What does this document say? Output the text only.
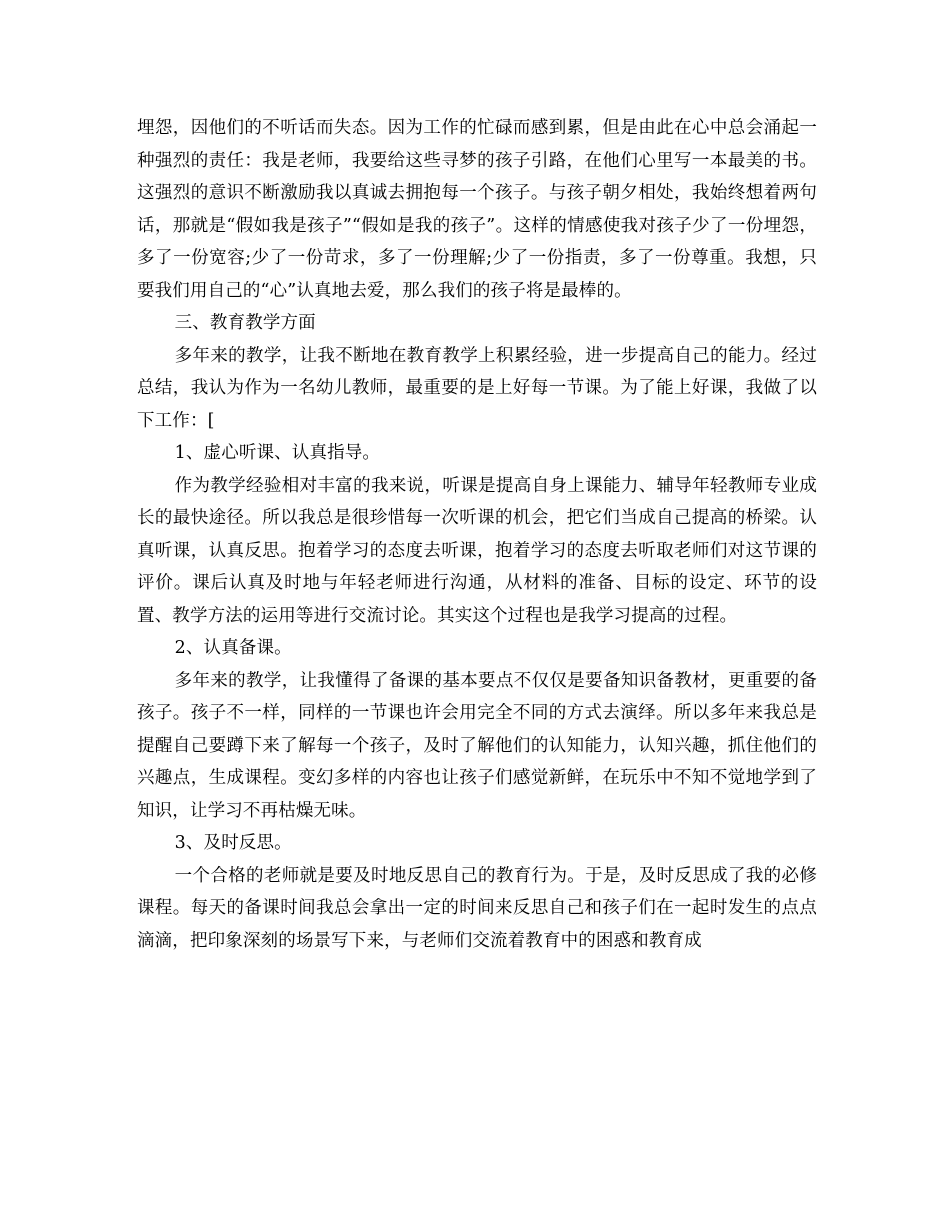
埋怨，因他们的不听话而失态。因为工作的忙碌而感到累，但是由此在心中总会涌起一种强烈的责任：我是老师，我要给这些寻梦的孩子引路，在他们心里写一本最美的书。这强烈的意识不断激励我以真诚去拥抱每一个孩子。与孩子朝夕相处，我始终想着两句话，那就是“假如我是孩子”“假如是我的孩子”。这样的情感使我对孩子少了一份埋怨，多了一份宽容;少了一份苛求，多了一份理解;少了一份指责，多了一份尊重。我想，只要我们用自己的“心”认真地去爱，那么我们的孩子将是最棒的。

三、教育教学方面

多年来的教学，让我不断地在教育教学上积累经验，进一步提高自己的能力。经过总结，我认为作为一名幼儿教师，最重要的是上好每一节课。为了能上好课，我做了以下工作：[

1、虚心听课、认真指导。

作为教学经验相对丰富的我来说，听课是提高自身上课能力、辅导年轻教师专业成长的最快途径。所以我总是很珍惜每一次听课的机会，把它们当成自己提高的桥梁。认真听课，认真反思。抱着学习的态度去听课，抱着学习的态度去听取老师们对这节课的评价。课后认真及时地与年轻老师进行沟通，从材料的准备、目标的设定、环节的设置、教学方法的运用等进行交流讨论。其实这个过程也是我学习提高的过程。

2、认真备课。

多年来的教学，让我懂得了备课的基本要点不仅仅是要备知识备教材，更重要的备孩子。孩子不一样，同样的一节课也许会用完全不同的方式去演绎。所以多年来我总是提醒自己要蹲下来了解每一个孩子，及时了解他们的认知能力，认知兴趣，抓住他们的兴趣点，生成课程。变幻多样的内容也让孩子们感觉新鲜，在玩乐中不知不觉地学到了知识，让学习不再枯燥无味。

3、及时反思。

一个合格的老师就是要及时地反思自己的教育行为。于是，及时反思成了我的必修课程。每天的备课时间我总会拿出一定的时间来反思自己和孩子们在一起时发生的点点滴滴，把印象深刻的场景写下来，与老师们交流着教育中的困惑和教育成
